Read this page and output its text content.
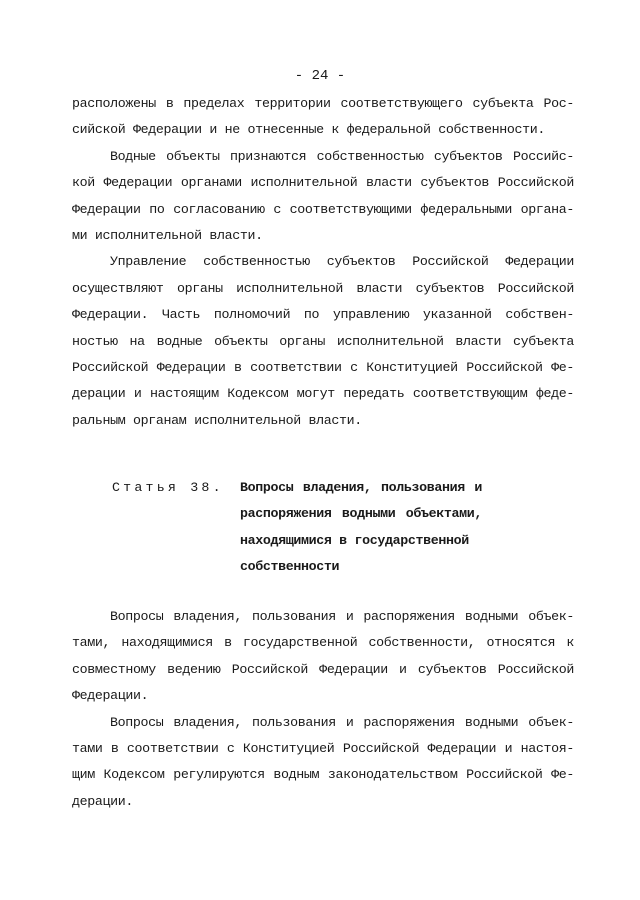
- 24 -
расположены в пределах территории соответствующего субъекта Рос-
сийской Федерации и не отнесенные к федеральной собственности.
Водные объекты признаются собственностью субъектов Российс-
кой Федерации органами исполнительной власти субъектов Российской
Федерации по согласованию с соответствующими федеральными органа-
ми исполнительной власти.
Управление собственностью субъектов Российской Федерации
осуществляют органы исполнительной власти субъектов Российской
Федерации. Часть полномочий по управлению указанной собствен-
ностью на водные объекты органы исполнительной власти субъекта
Российской Федерации в соответствии с Конституцией Российской Фе-
дерации и настоящим Кодексом могут передать соответствующим феде-
ральным органам исполнительной власти.
Статья 38. Вопросы владения, пользования и
распоряжения водными объектами,
находящимися в государственной
собственности
Вопросы владения, пользования и распоряжения водными объек-
тами, находящимися в государственной собственности, относятся к
совместному ведению Российской Федерации и субъектов Российской
Федерации.
Вопросы владения, пользования и распоряжения водными объек-
тами в соответствии с Конституцией Российской Федерации и настоя-
щим Кодексом регулируются водным законодательством Российской Фе-
дерации.
